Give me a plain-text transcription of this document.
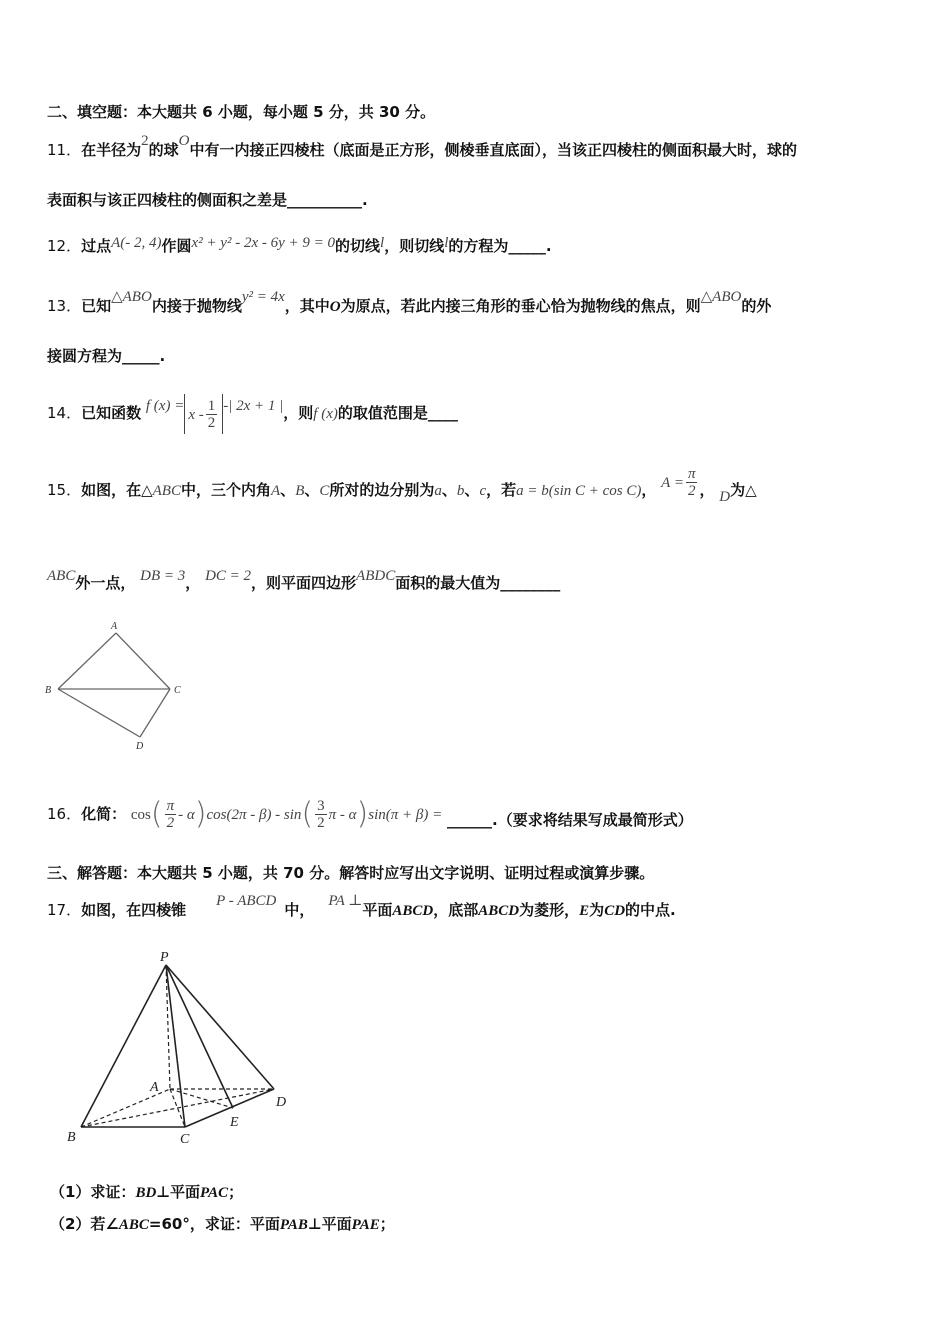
二、填空题：本大题共 6 小题，每小题 5 分，共 30 分。
11．在半径为2的球O中有一内接正四棱柱（底面是正方形，侧棱垂直底面），当该正四棱柱的侧面积最大时，球的
表面积与该正四棱柱的侧面积之差是__________.
12．过点A(- 2, 4)作圆x² + y² - 2x - 6y + 9 = 0的切线l，则切线l的方程为_____.
13．已知△ABO内接于抛物线y² = 4x，其中O为原点，若此内接三角形的垂心恰为抛物线的焦点，则△ABO的外
接圆方程为_____.
14．已知函数 f $(x) =x - \frac{1}{2}$ -| 2x + 1 |，则f (x)的取值范围是____
15．如图，在△ABC中，三个内角A、B、C所对的边分别为a、b、c，若a = b(sin C + cos C)， $A = \frac{\pi}{2}$ ， D为△
ABC外一点， DB = 3， DC = 2，则平面四边形ABDC面积的最大值为________
A
B	C
D
16．化简： $\cos( \frac{\pi}{2} - \alpha)\cos(2\pi - \beta) - \sin( \frac{3}{2}$ π - α)sin(π + β) = ______.（要求将结果写成最简形式）
三、解答题：本大题共 5 小题，共 70 分。解答时应写出文字说明、证明过程或演算步骤。
17．如图，在四棱锥 P - ABCD 中， PA ⊥平面ABCD，底部ABCD为菱形，E为CD的中点.
P
A
B	C
D
E
（1）求证：BD⊥平面PAC；
（2）若∠ABC=60°，求证：平面PAB⊥平面PAE；
